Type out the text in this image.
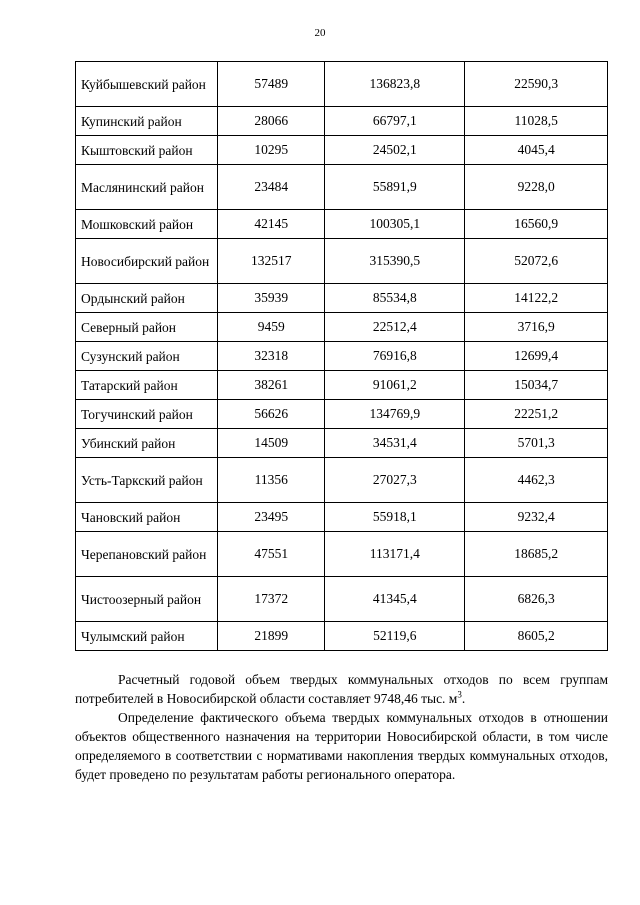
20
Куйбышевский район	57489	136823,8	22590,3
Купинский район	28066	66797,1	11028,5
Кыштовский район	10295	24502,1	4045,4
Маслянинский район	23484	55891,9	9228,0
Мошковский район	42145	100305,1	16560,9
Новосибирский район	132517	315390,5	52072,6
Ордынский район	35939	85534,8	14122,2
Северный район	9459	22512,4	3716,9
Сузунский район	32318	76916,8	12699,4
Татарский район	38261	91061,2	15034,7
Тогучинский район	56626	134769,9	22251,2
Убинский район	14509	34531,4	5701,3
Усть-Таркский район	11356	27027,3	4462,3
Чановский район	23495	55918,1	9232,4
Черепановский район	47551	113171,4	18685,2
Чистоозерный район	17372	41345,4	6826,3
Чулымский район	21899	52119,6	8605,2

Расчетный годовой объем твердых коммунальных отходов по всем группам потребителей в Новосибирской области составляет 9748,46 тыс. $м^3$.

Определение фактического объема твердых коммунальных отходов в отношении объектов общественного назначения на территории Новосибирской области, в том числе определяемого в соответствии с нормативами накопления твердых коммунальных отходов, будет проведено по результатам работы регионального оператора.
